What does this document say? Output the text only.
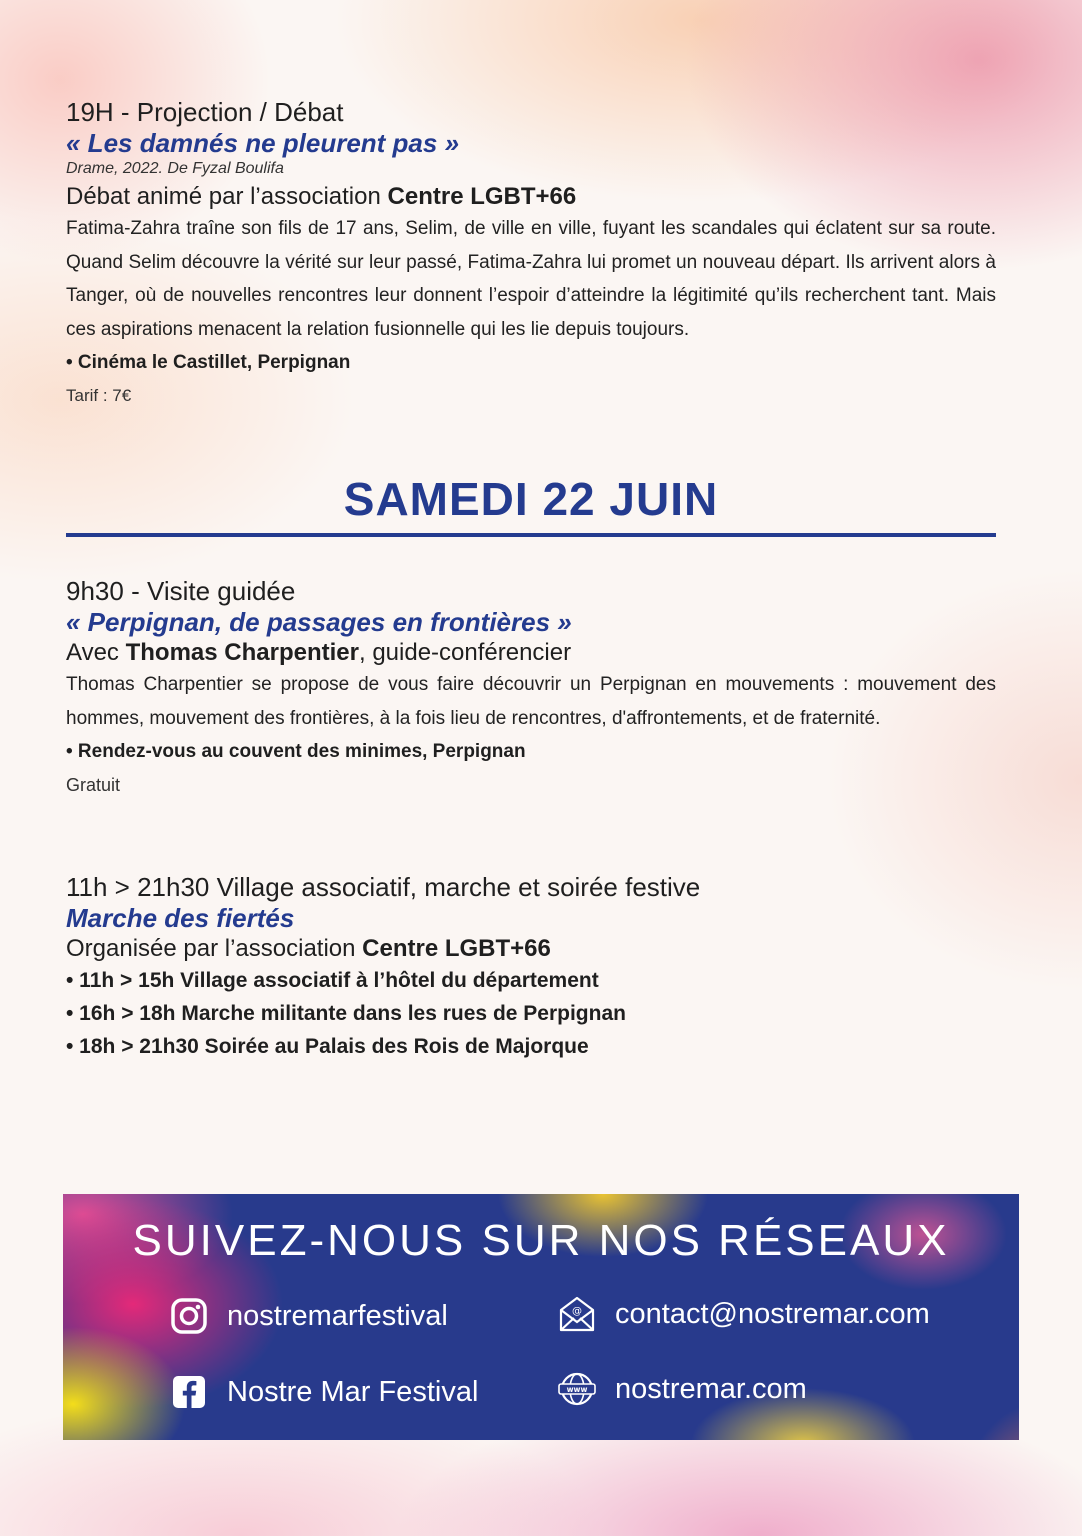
19H - Projection / Débat
« Les damnés ne pleurent pas »
Drame, 2022. De Fyzal Boulifa
Débat animé par l’association Centre LGBT+66
Fatima-Zahra traîne son fils de 17 ans, Selim, de ville en ville, fuyant les scandales qui éclatent sur sa route. Quand Selim découvre la vérité sur leur passé, Fatima-Zahra lui promet un nouveau départ. Ils arrivent alors à Tanger, où de nouvelles rencontres leur donnent l’espoir d’atteindre la légitimité qu’ils recherchent tant. Mais ces aspirations menacent la relation fusionnelle qui les lie depuis toujours.
• Cinéma le Castillet, Perpignan
Tarif : 7€
SAMEDI 22 JUIN
9h30 - Visite guidée
« Perpignan, de passages en frontières »
Avec Thomas Charpentier, guide-conférencier
Thomas Charpentier se propose de vous faire découvrir un Perpignan en mouvements : mouvement des hommes, mouvement des frontières, à la fois lieu de rencontres, d'affrontements, et de fraternité.
• Rendez-vous au couvent des minimes, Perpignan
Gratuit
11h > 21h30 Village associatif, marche et soirée festive
Marche des fiertés
Organisée par l’association Centre LGBT+66
• 11h > 15h Village associatif à l’hôtel du département
• 16h > 18h Marche militante dans les rues de Perpignan
• 18h > 21h30 Soirée au Palais des Rois de Majorque
SUIVEZ-NOUS SUR NOS RÉSEAUX
nostremarfestival
Nostre Mar Festival
@ contact@nostremar.com
www nostremar.com
